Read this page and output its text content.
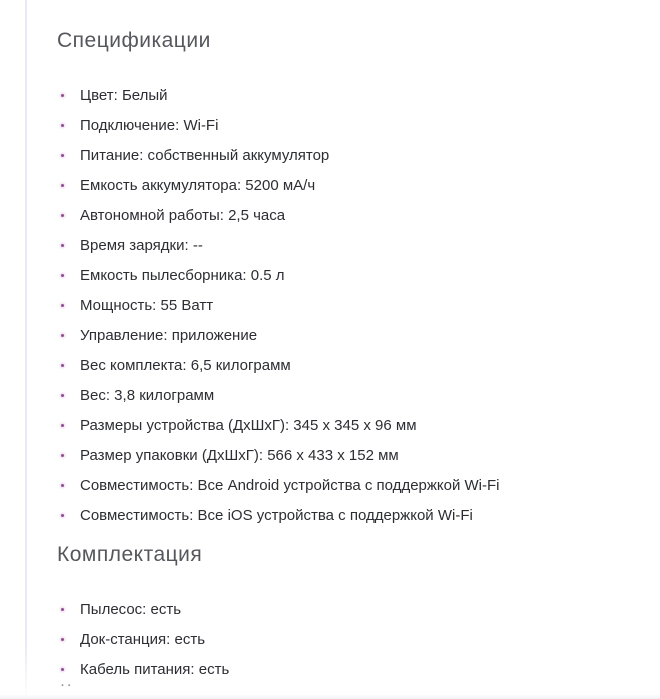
Спецификации
Цвет: Белый
Подключение: Wi-Fi
Питание: собственный аккумулятор
Емкость аккумулятора: 5200 мА/ч
Автономной работы: 2,5 часа
Время зарядки: --
Емкость пылесборника: 0.5 л
Мощность: 55 Ватт
Управление: приложение
Вес комплекта: 6,5 килограмм
Вес: 3,8 килограмм
Размеры устройства (ДхШхГ): 345 х 345 х 96 мм
Размер упаковки (ДхШхГ): 566 х 433 х 152 мм
Совместимость: Все Android устройства с поддержкой Wi-Fi
Совместимость: Все iOS устройства с поддержкой Wi-Fi
Комплектация
Пылесос: есть
Док-станция: есть
Кабель питания: есть
··
